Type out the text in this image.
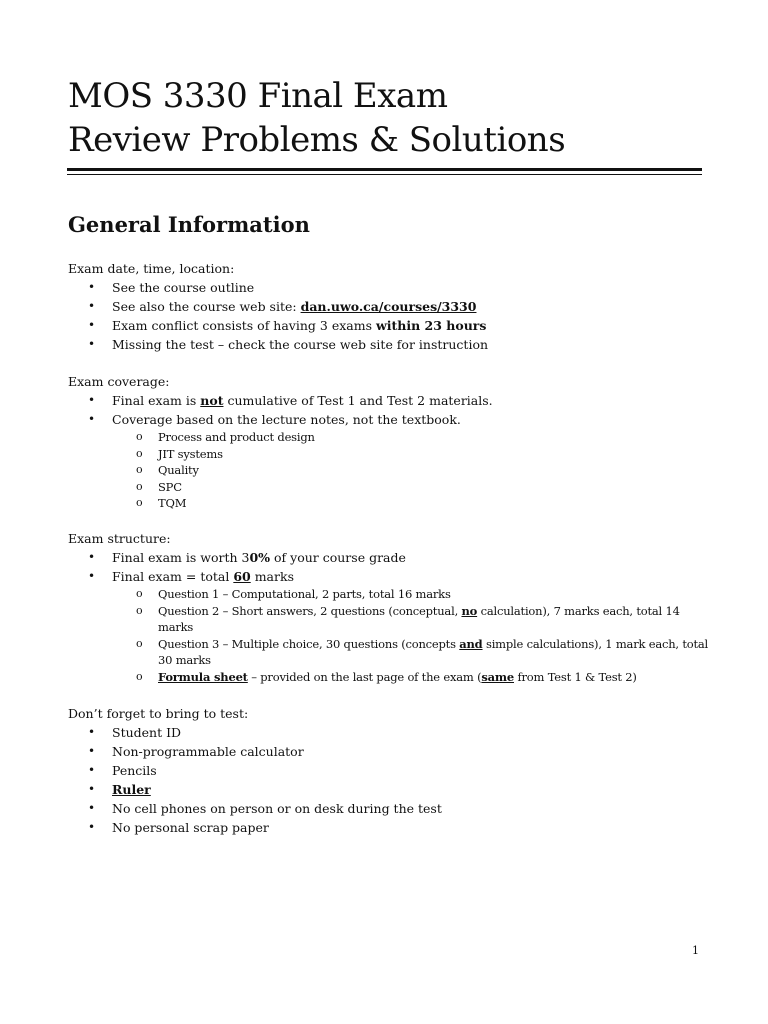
MOS 3330 Final Exam
Review Problems & Solutions
General Information
Exam date, time, location:
• See the course outline
• See also the course web site: dan.uwo.ca/courses/3330
• Exam conflict consists of having 3 exams within 23 hours
• Missing the test – check the course web site for instruction
Exam coverage:
• Final exam is not cumulative of Test 1 and Test 2 materials.
• Coverage based on the lecture notes, not the textbook.
o Process and product design
o JIT systems
o Quality
o SPC
o TQM
Exam structure:
• Final exam is worth 30% of your course grade
• Final exam = total 60 marks
o Question 1 – Computational, 2 parts, total 16 marks
o Question 2 – Short answers, 2 questions (conceptual, no calculation), 7 marks each, total 14 marks
o Question 3 – Multiple choice, 30 questions (concepts and simple calculations), 1 mark each, total 30 marks
o Formula sheet – provided on the last page of the exam (same from Test 1 & Test 2)
Don’t forget to bring to test:
• Student ID
• Non-programmable calculator
• Pencils
• Ruler
• No cell phones on person or on desk during the test
• No personal scrap paper
1
